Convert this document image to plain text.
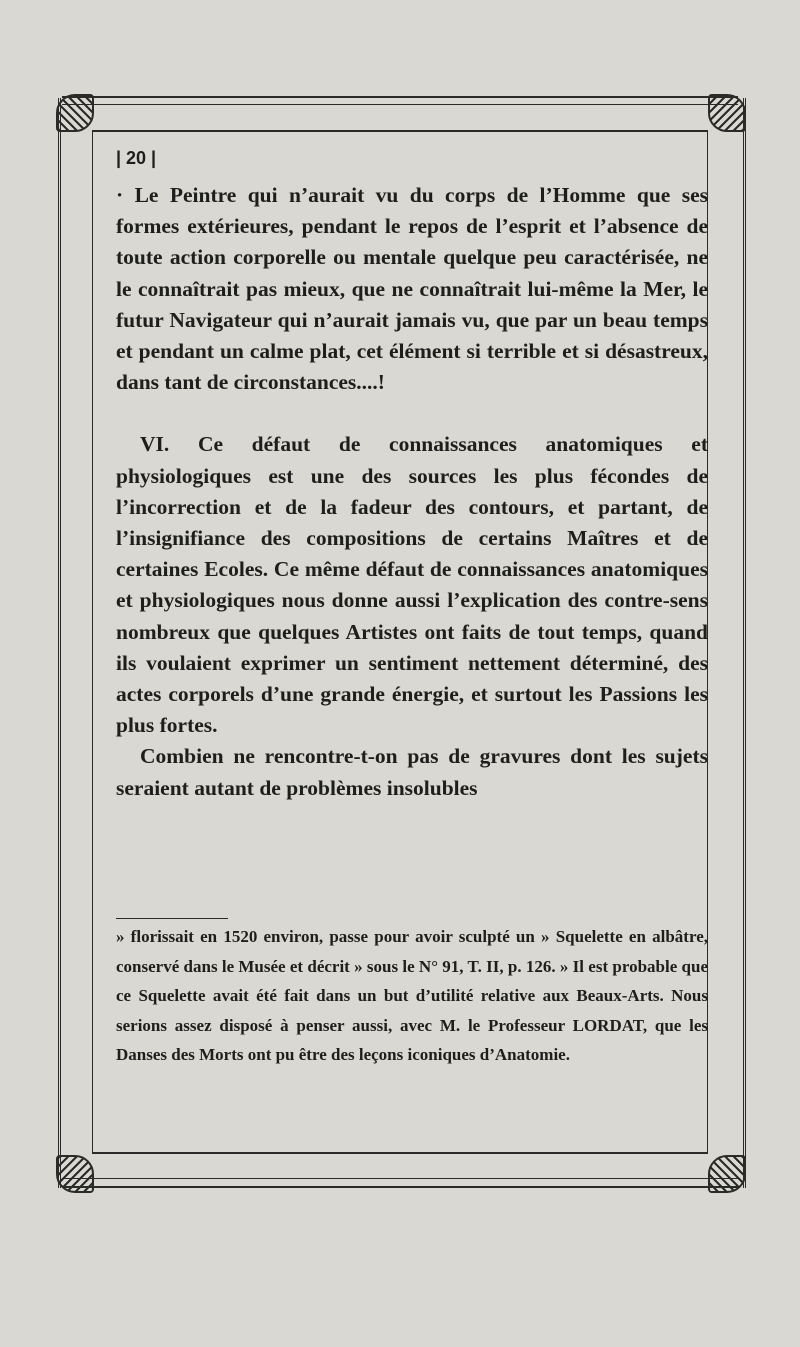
| 20 |

· Le Peintre qui n’aurait vu du corps de l’Homme que ses formes extérieures, pendant le repos de l’esprit et l’absence de toute action corporelle ou mentale quelque peu caractérisée, ne le connaîtrait pas mieux, que ne connaîtrait lui-même la Mer, le futur Navigateur qui n’aurait jamais vu, que par un beau temps et pendant un calme plat, cet élément si terrible et si désastreux, dans tant de circonstances....!

VI. Ce défaut de connaissances anatomiques et physiologiques est une des sources les plus fécondes de l’incorrection et de la fadeur des contours, et partant, de l’insignifiance des compositions de certains Maîtres et de certaines Ecoles. Ce même défaut de connaissances anatomiques et physiologiques nous donne aussi l’explication des contre-sens nombreux que quelques Artistes ont faits de tout temps, quand ils voulaient exprimer un sentiment nettement déterminé, des actes corporels d’une grande énergie, et surtout les Passions les plus fortes.

Combien ne rencontre-t-on pas de gravures dont les sujets seraient autant de problèmes insolubles

» florissait en 1520 environ, passe pour avoir sculpté un » Squelette en albâtre, conservé dans le Musée et décrit » sous le N° 91, T. II, p. 126. » Il est probable que ce Squelette avait été fait dans un but d’utilité relative aux Beaux-Arts. Nous serions assez disposé à penser aussi, avec M. le Professeur LORDAT, que les Danses des Morts ont pu être des leçons iconiques d’Anatomie.
